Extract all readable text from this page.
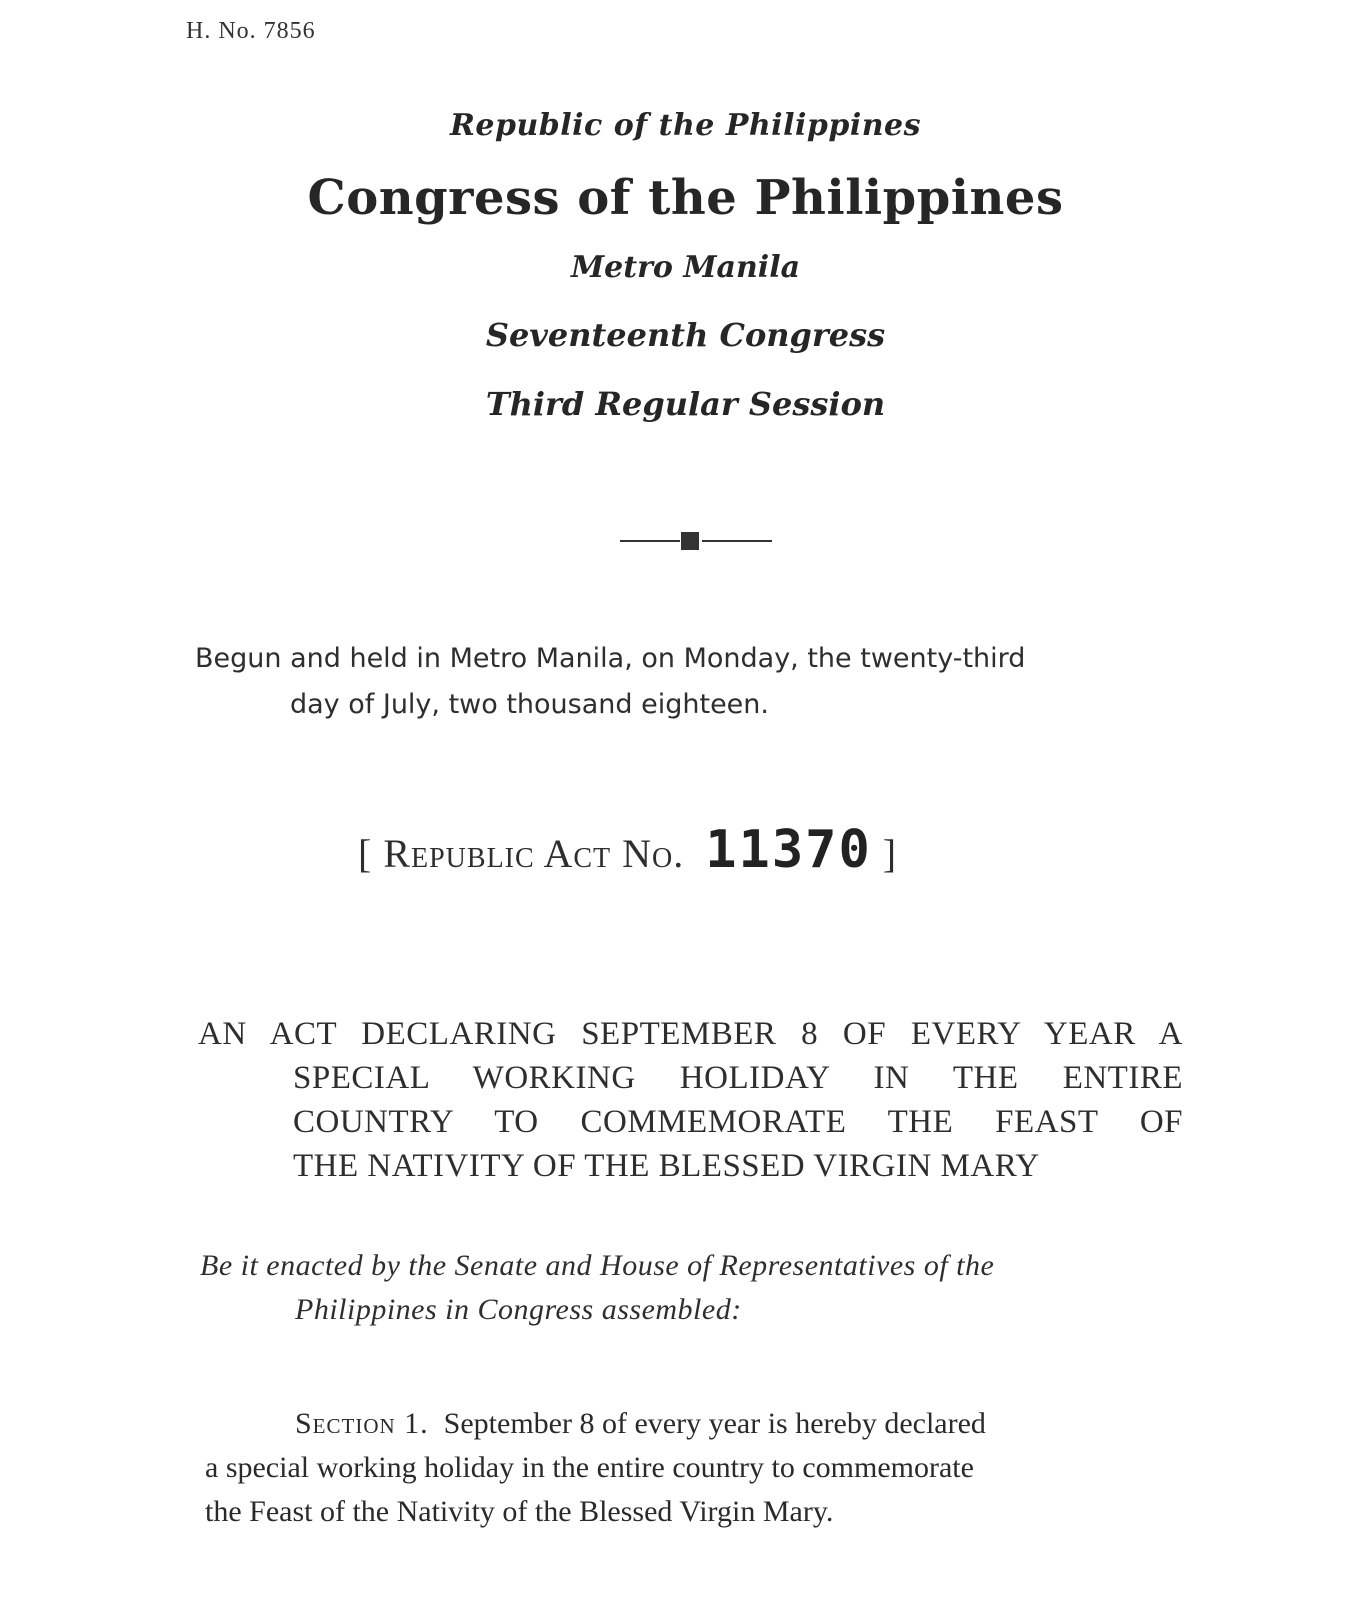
H. No. 7856
Republic of the Philippines
Congress of the Philippines
Metro Manila
Seventeenth Congress
Third Regular Session
Begun and held in Metro Manila, on Monday, the twenty-third
day of July, two thousand eighteen.
[ Republic Act No. 11370 ]
AN ACT DECLARING SEPTEMBER 8 OF EVERY YEAR A
SPECIAL WORKING HOLIDAY IN THE ENTIRE
COUNTRY TO COMMEMORATE THE FEAST OF
THE NATIVITY OF THE BLESSED VIRGIN MARY
Be it enacted by the Senate and House of Representatives of the
Philippines in Congress assembled:
Section 1. September 8 of every year is hereby declared
a special working holiday in the entire country to commemorate
the Feast of the Nativity of the Blessed Virgin Mary.
